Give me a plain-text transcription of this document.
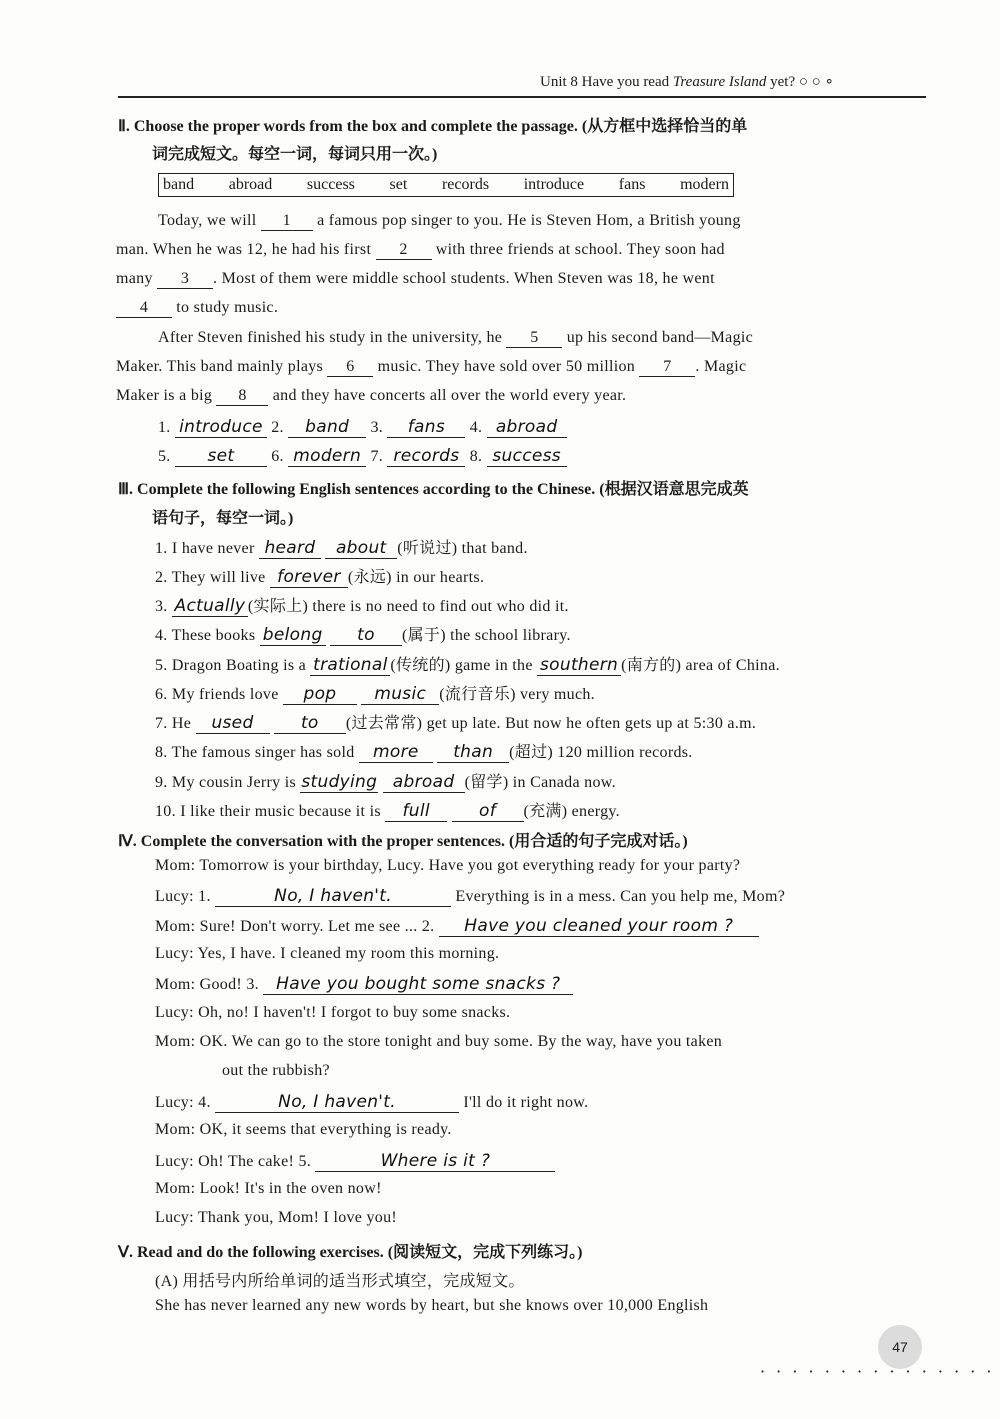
Unit 8 Have you read Treasure Island yet? ○ ○ ∘
Ⅱ. Choose the proper words from the box and complete the passage. (从方框中选择恰当的单
词完成短文。每空一词，每词只用一次。)
band abroad success set records introduce fans modern
Today, we will 1 a famous pop singer to you. He is Steven Hom, a British young
man. When he was 12, he had his first 2 with three friends at school. They soon had
many 3 . Most of them were middle school students. When Steven was 18, he went
4 to study music.
After Steven finished his study in the university, he 5 up his second band—Magic
Maker. This band mainly plays 6 music. They have sold over 50 million 7 . Magic
Maker is a big 8 and they have concerts all over the world every year.
1. introduce 2. band 3. fans 4. abroad
5. set 6. modern 7. records 8. success
Ⅲ. Complete the following English sentences according to the Chinese. (根据汉语意思完成英
语句子，每空一词。)
1. I have never heard about (听说过) that band.
2. They will live forever (永远) in our hearts.
3. Actually (实际上) there is no need to find out who did it.
4. These books belong to (属于) the school library.
5. Dragon Boating is a trational (传统的) game in the southern (南方的) area of China.
6. My friends love pop music (流行音乐) very much.
7. He used	to (过去常常) get up late. But now he often gets up at 5:30 a.m.
8. The famous singer has sold more than (超过) 120 million records.
9. My cousin Jerry is studying abroad (留学) in Canada now.
10. I like their music because it is full	of (充满) energy.
Ⅳ. Complete the conversation with the proper sentences. (用合适的句子完成对话。)
Mom: Tomorrow is your birthday, Lucy. Have you got everything ready for your party?
Lucy: 1.	No, I haven't.	Everything is in a mess. Can you help me, Mom?
Mom: Sure! Don't worry. Let me see ... 2. Have you cleaned your room ?
Lucy: Yes, I have. I cleaned my room this morning.
Mom: Good! 3. Have you bought some snacks ?
Lucy: Oh, no! I haven't! I forgot to buy some snacks.
Mom: OK. We can go to the store tonight and buy some. By the way, have you taken
out the rubbish?
Lucy: 4.	No, I haven't.	I'll do it right now.
Mom: OK, it seems that everything is ready.
Lucy: Oh! The cake! 5.	Where is it ?
Mom: Look! It's in the oven now!
Lucy: Thank you, Mom! I love you!
Ⅴ. Read and do the following exercises. (阅读短文，完成下列练习。)
(A) 用括号内所给单词的适当形式填空，完成短文。
She has never learned any new words by heart, but she knows over 10,000 English
47
· · · · · · · · · · · · · · ·
